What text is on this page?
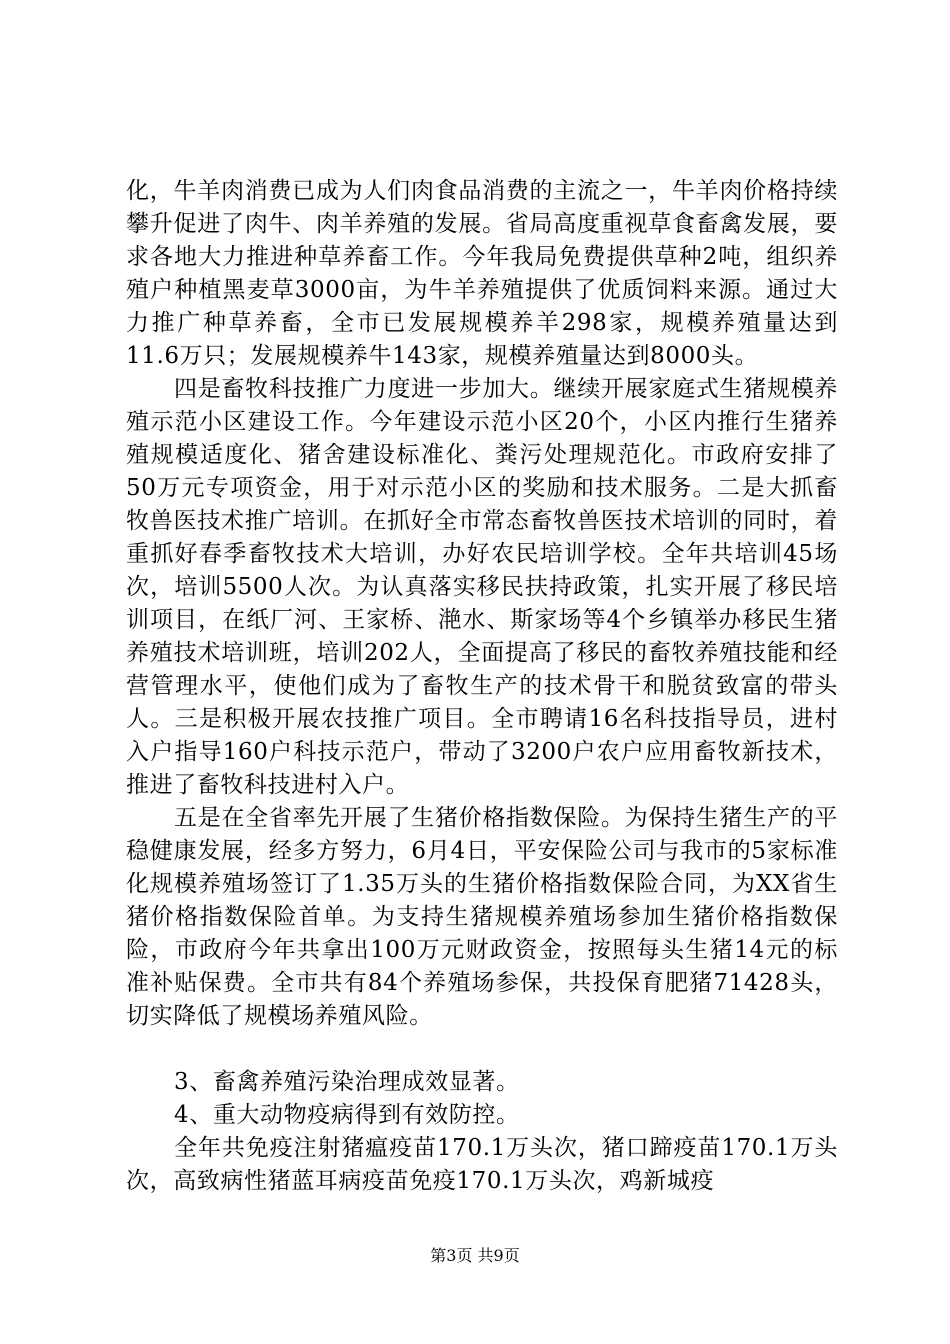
化，牛羊肉消费已成为人们肉食品消费的主流之一，牛羊肉价格持续攀升促进了肉牛、肉羊养殖的发展。省局高度重视草食畜禽发展，要求各地大力推进种草养畜工作。今年我局免费提供草种2吨，组织养殖户种植黑麦草3000亩，为牛羊养殖提供了优质饲料来源。通过大力推广种草养畜，全市已发展规模养羊298家，规模养殖量达到11.6万只；发展规模养牛143家，规模养殖量达到8000头。

四是畜牧科技推广力度进一步加大。继续开展家庭式生猪规模养殖示范小区建设工作。今年建设示范小区20个，小区内推行生猪养殖规模适度化、猪舍建设标准化、粪污处理规范化。市政府安排了50万元专项资金，用于对示范小区的奖励和技术服务。二是大抓畜牧兽医技术推广培训。在抓好全市常态畜牧兽医技术培训的同时，着重抓好春季畜牧技术大培训，办好农民培训学校。全年共培训45场次，培训5500人次。为认真落实移民扶持政策，扎实开展了移民培训项目，在纸厂河、王家桥、滟水、斯家场等4个乡镇举办移民生猪养殖技术培训班，培训202人，全面提高了移民的畜牧养殖技能和经营管理水平，使他们成为了畜牧生产的技术骨干和脱贫致富的带头人。三是积极开展农技推广项目。全市聘请16名科技指导员，进村入户指导160户科技示范户，带动了3200户农户应用畜牧新技术，推进了畜牧科技进村入户。

五是在全省率先开展了生猪价格指数保险。为保持生猪生产的平稳健康发展，经多方努力，6月4日，平安保险公司与我市的5家标准化规模养殖场签订了1.35万头的生猪价格指数保险合同，为XX省生猪价格指数保险首单。为支持生猪规模养殖场参加生猪价格指数保险，市政府今年共拿出100万元财政资金，按照每头生猪14元的标准补贴保费。全市共有84个养殖场参保，共投保育肥猪71428头，切实降低了规模场养殖风险。

3、畜禽养殖污染治理成效显著。

4、重大动物疫病得到有效防控。

全年共免疫注射猪瘟疫苗170.1万头次，猪口蹄疫苗170.1万头次，高致病性猪蓝耳病疫苗免疫170.1万头次，鸡新城疫

第3页 共9页
